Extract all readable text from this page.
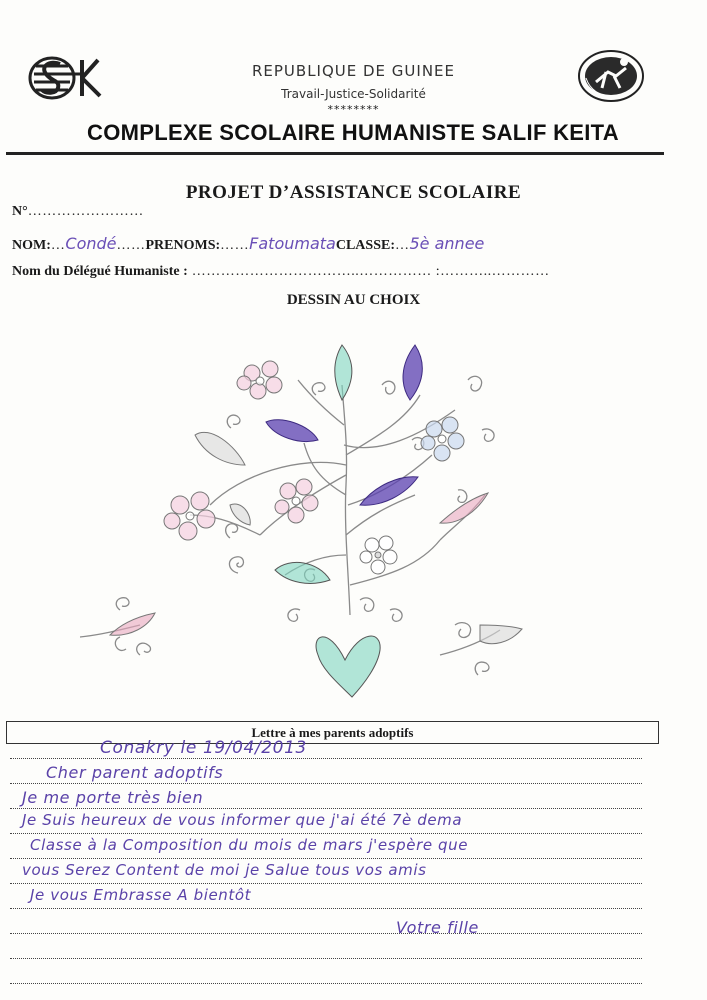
REPUBLIQUE DE GUINEE
Travail-Justice-Solidarité
********
COMPLEXE SCOLAIRE HUMANISTE SALIF KEITA
PROJET D’ASSISTANCE SCOLAIRE
N°……………………
NOM:…Condé……PRENOMS:……FatoumataCLASSE:…5è annee
Nom du Délégué Humaniste : ……………………………..…………… :………..…………
DESSIN AU CHOIX
Lettre à mes parents adoptifs
Conakry le 19/04/2013
Cher parent adoptifs
Je me porte très bien
Je Suis heureux de vous informer que j'ai été 7è dema
Classe à la Composition du mois de mars j'espère que
vous Serez Content de moi je Salue tous vos amis
Je vous Embrasse A bientôt
Votre fille
